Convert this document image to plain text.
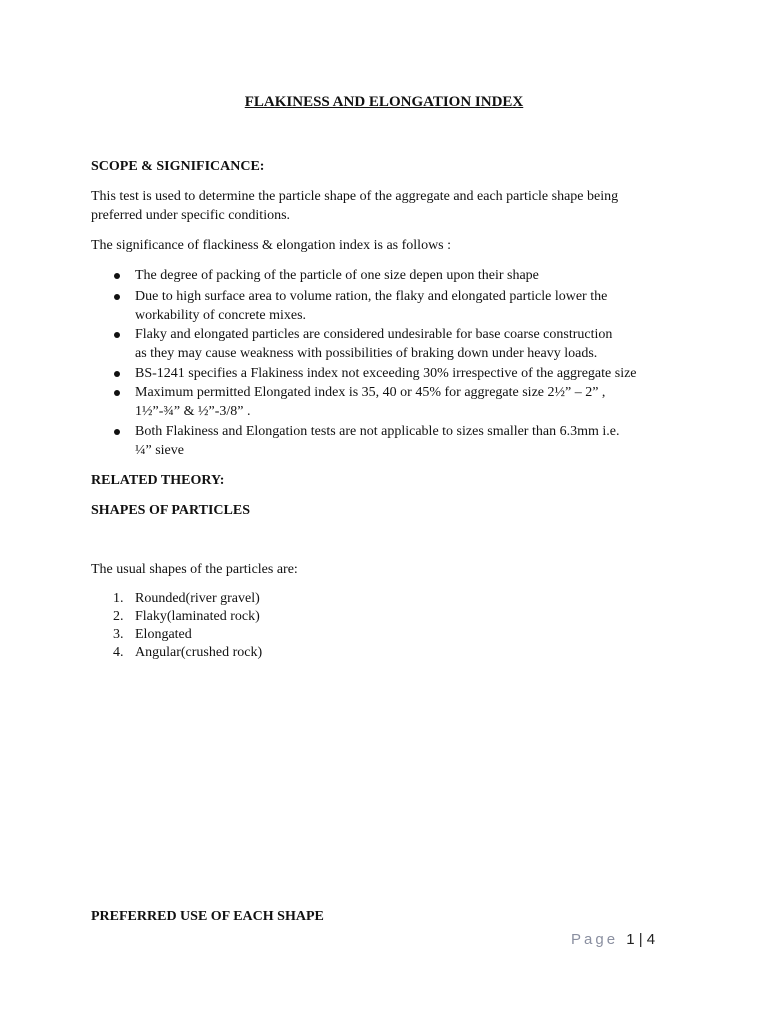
FLAKINESS AND ELONGATION INDEX
SCOPE & SIGNIFICANCE:
This test is used to determine the particle shape of the aggregate and each particle shape being
preferred under specific conditions.
The significance of flackiness & elongation index is as follows :
The degree of packing of the particle of one size depen upon their shape
Due to high surface area to volume ration, the flaky and elongated particle lower the
workability of concrete mixes.
Flaky and elongated particles are considered undesirable for base coarse construction
as they may cause weakness with possibilities of braking down under heavy loads.
BS-1241 specifies a Flakiness index not exceeding 30% irrespective of the aggregate size
Maximum permitted Elongated index is 35, 40 or 45% for aggregate size 2½” – 2” ,
1½”-¾” & ½”-3/8” .
Both Flakiness and Elongation tests are not applicable to sizes smaller than 6.3mm i.e.
¼” sieve
RELATED THEORY:
SHAPES OF PARTICLES
The usual shapes of the particles are:
1. Rounded(river gravel)
2. Flaky(laminated rock)
3. Elongated
4. Angular(crushed rock)
PREFERRED USE OF EACH SHAPE
Page 1 | 4
